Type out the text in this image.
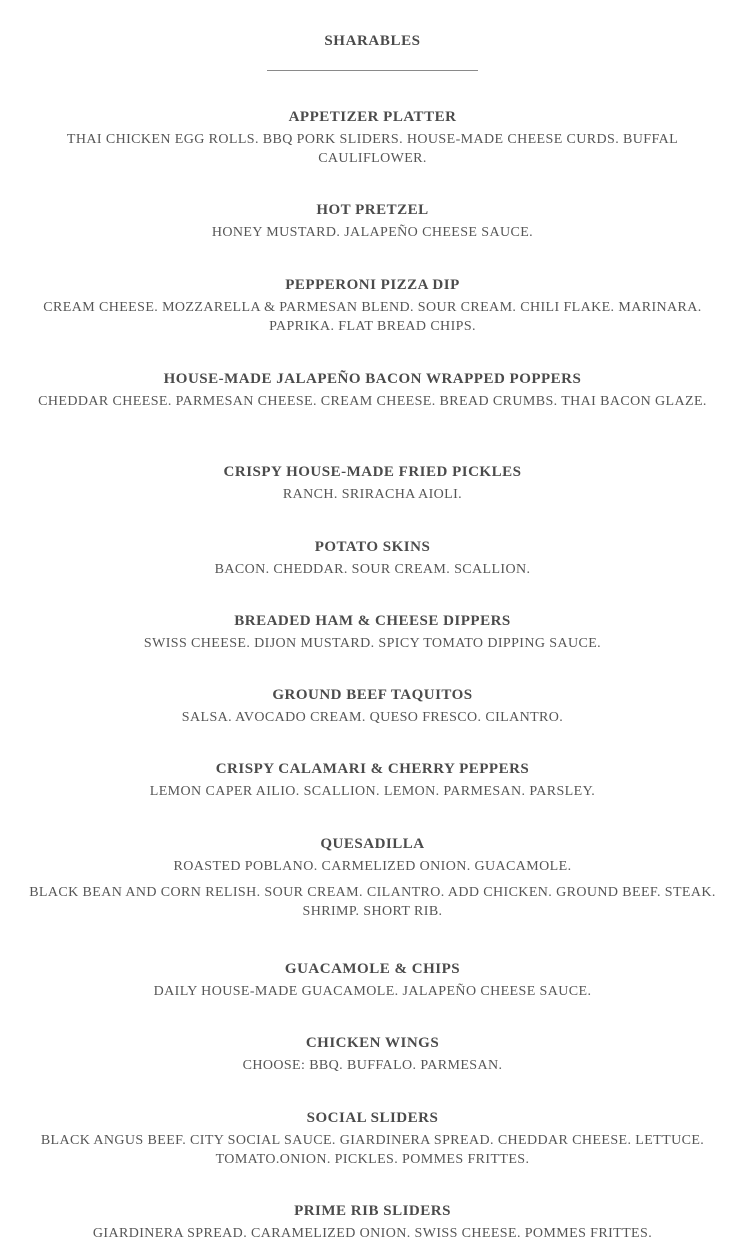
SHARABLES
APPETIZER PLATTER
THAI CHICKEN EGG ROLLS. BBQ PORK SLIDERS. HOUSE-MADE CHEESE CURDS. BUFFAL CAULIFLOWER.
HOT PRETZEL
HONEY MUSTARD. JALAPEÑO CHEESE SAUCE.
PEPPERONI PIZZA DIP
CREAM CHEESE. MOZZARELLA & PARMESAN BLEND. SOUR CREAM. CHILI FLAKE. MARINARA. PAPRIKA. FLAT BREAD CHIPS.
HOUSE-MADE JALAPEÑO BACON WRAPPED POPPERS
CHEDDAR CHEESE. PARMESAN CHEESE. CREAM CHEESE. BREAD CRUMBS. THAI BACON GLAZE.
CRISPY HOUSE-MADE FRIED PICKLES
RANCH. SRIRACHA AIOLI.
POTATO SKINS
BACON. CHEDDAR. SOUR CREAM. SCALLION.
BREADED HAM & CHEESE DIPPERS
SWISS CHEESE. DIJON MUSTARD. SPICY TOMATO DIPPING SAUCE.
GROUND BEEF TAQUITOS
SALSA. AVOCADO CREAM. QUESO FRESCO. CILANTRO.
CRISPY CALAMARI & CHERRY PEPPERS
LEMON CAPER AILIO. SCALLION. LEMON. PARMESAN. PARSLEY.
QUESADILLA
ROASTED POBLANO. CARMELIZED ONION. GUACAMOLE.
BLACK BEAN AND CORN RELISH. SOUR CREAM. CILANTRO. ADD CHICKEN. GROUND BEEF. STEAK. SHRIMP. SHORT RIB.
GUACAMOLE & CHIPS
DAILY HOUSE-MADE GUACAMOLE. JALAPEÑO CHEESE SAUCE.
CHICKEN WINGS
CHOOSE: BBQ. BUFFALO. PARMESAN.
SOCIAL SLIDERS
BLACK ANGUS BEEF. CITY SOCIAL SAUCE. GIARDINERA SPREAD. CHEDDAR CHEESE. LETTUCE. TOMATO.ONION. PICKLES. POMMES FRITTES.
PRIME RIB SLIDERS
GIARDINERA SPREAD. CARAMELIZED ONION. SWISS CHEESE. POMMES FRITTES.
